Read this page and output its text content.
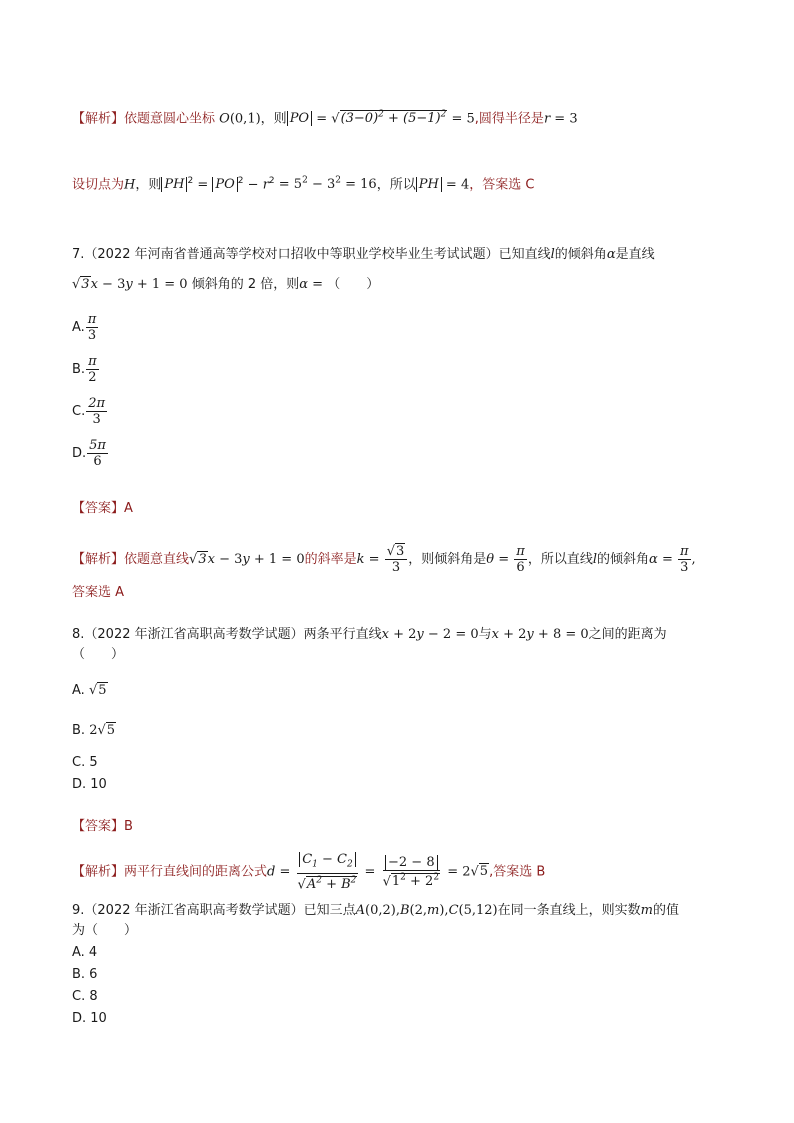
【解析】依题意圆心坐标 O(0,1)，则 PO = $√(3-0)^2 + (5-1)^2 = 5$,圆得半径是r = 3
设切点为H，则 PH $^2$ = PO $^2 - r^2 = 5^2 - 3^2 = 16$，所以 PH = 4，答案选 C
7.（2022 年河南省普通高等学校对口招收中等职业学校毕业生考试试题）已知直线l的倾斜角α是直线
√3x − 3y + 1 = 0 倾斜角的 2 倍，则α = （　　）
A. $\frac{\pi}{3}$
B. $\frac{\pi}{2}$
C. $\frac{2\pi}{3}$
D. $\frac{5\pi}{6}$
【答案】A
【解析】依题意直线√3x − 3y + 1 = 0的斜率是$k = \frac{√3}{3}$ ，则倾斜角是$\theta = \frac{\pi}{6}$ ，所以直线l的倾斜角$\alpha = \frac{\pi}{3}$ ,
答案选 A
8.（2022 年浙江省高职高考数学试题）两条平行直线x + 2y − 2 = 0与x + 2y + 8 = 0之间的距离为
（　　）
A. √5
B. 2√5
C. 5
D. 10
【答案】B
【解析】两平行直线间的距离公式$d = \frac{C_1 - C_2}{√A^2 + B^2} = \frac{-2 - 8}{√1^2 + 2^2} = 2√5$,答案选 B
9.（2022 年浙江省高职高考数学试题）已知三点A(0,2),B(2,m),C(5,12)在同一条直线上，则实数m的值
为（　　）
A. 4
B. 6
C. 8
D. 10
